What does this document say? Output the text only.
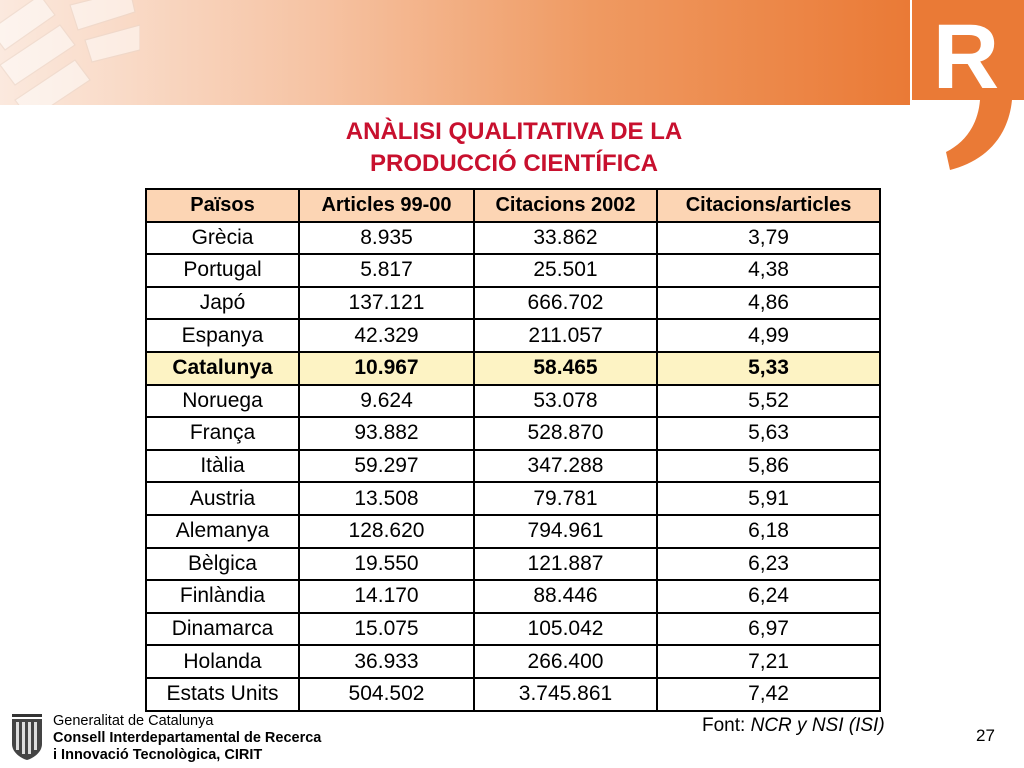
R
ANÀLISI QUALITATIVA DE LA
PRODUCCIÓ CIENTÍFICA
Països	Articles 99-00	Citacions 2002	Citacions/articles
Grècia	8.935	33.862	3,79
Portugal	5.817	25.501	4,38
Japó	137.121	666.702	4,86
Espanya	42.329	211.057	4,99
Catalunya	10.967	58.465	5,33
Noruega	9.624	53.078	5,52
França	93.882	528.870	5,63
Itàlia	59.297	347.288	5,86
Austria	13.508	79.781	5,91
Alemanya	128.620	794.961	6,18
Bèlgica	19.550	121.887	6,23
Finlàndia	14.170	88.446	6,24
Dinamarca	15.075	105.042	6,97
Holanda	36.933	266.400	7,21
Estats Units	504.502	3.745.861	7,42
Font: NCR y NSI (ISI)	27
Generalitat de Catalunya
Consell Interdepartamental de Recerca
i Innovació Tecnològica, CIRIT
